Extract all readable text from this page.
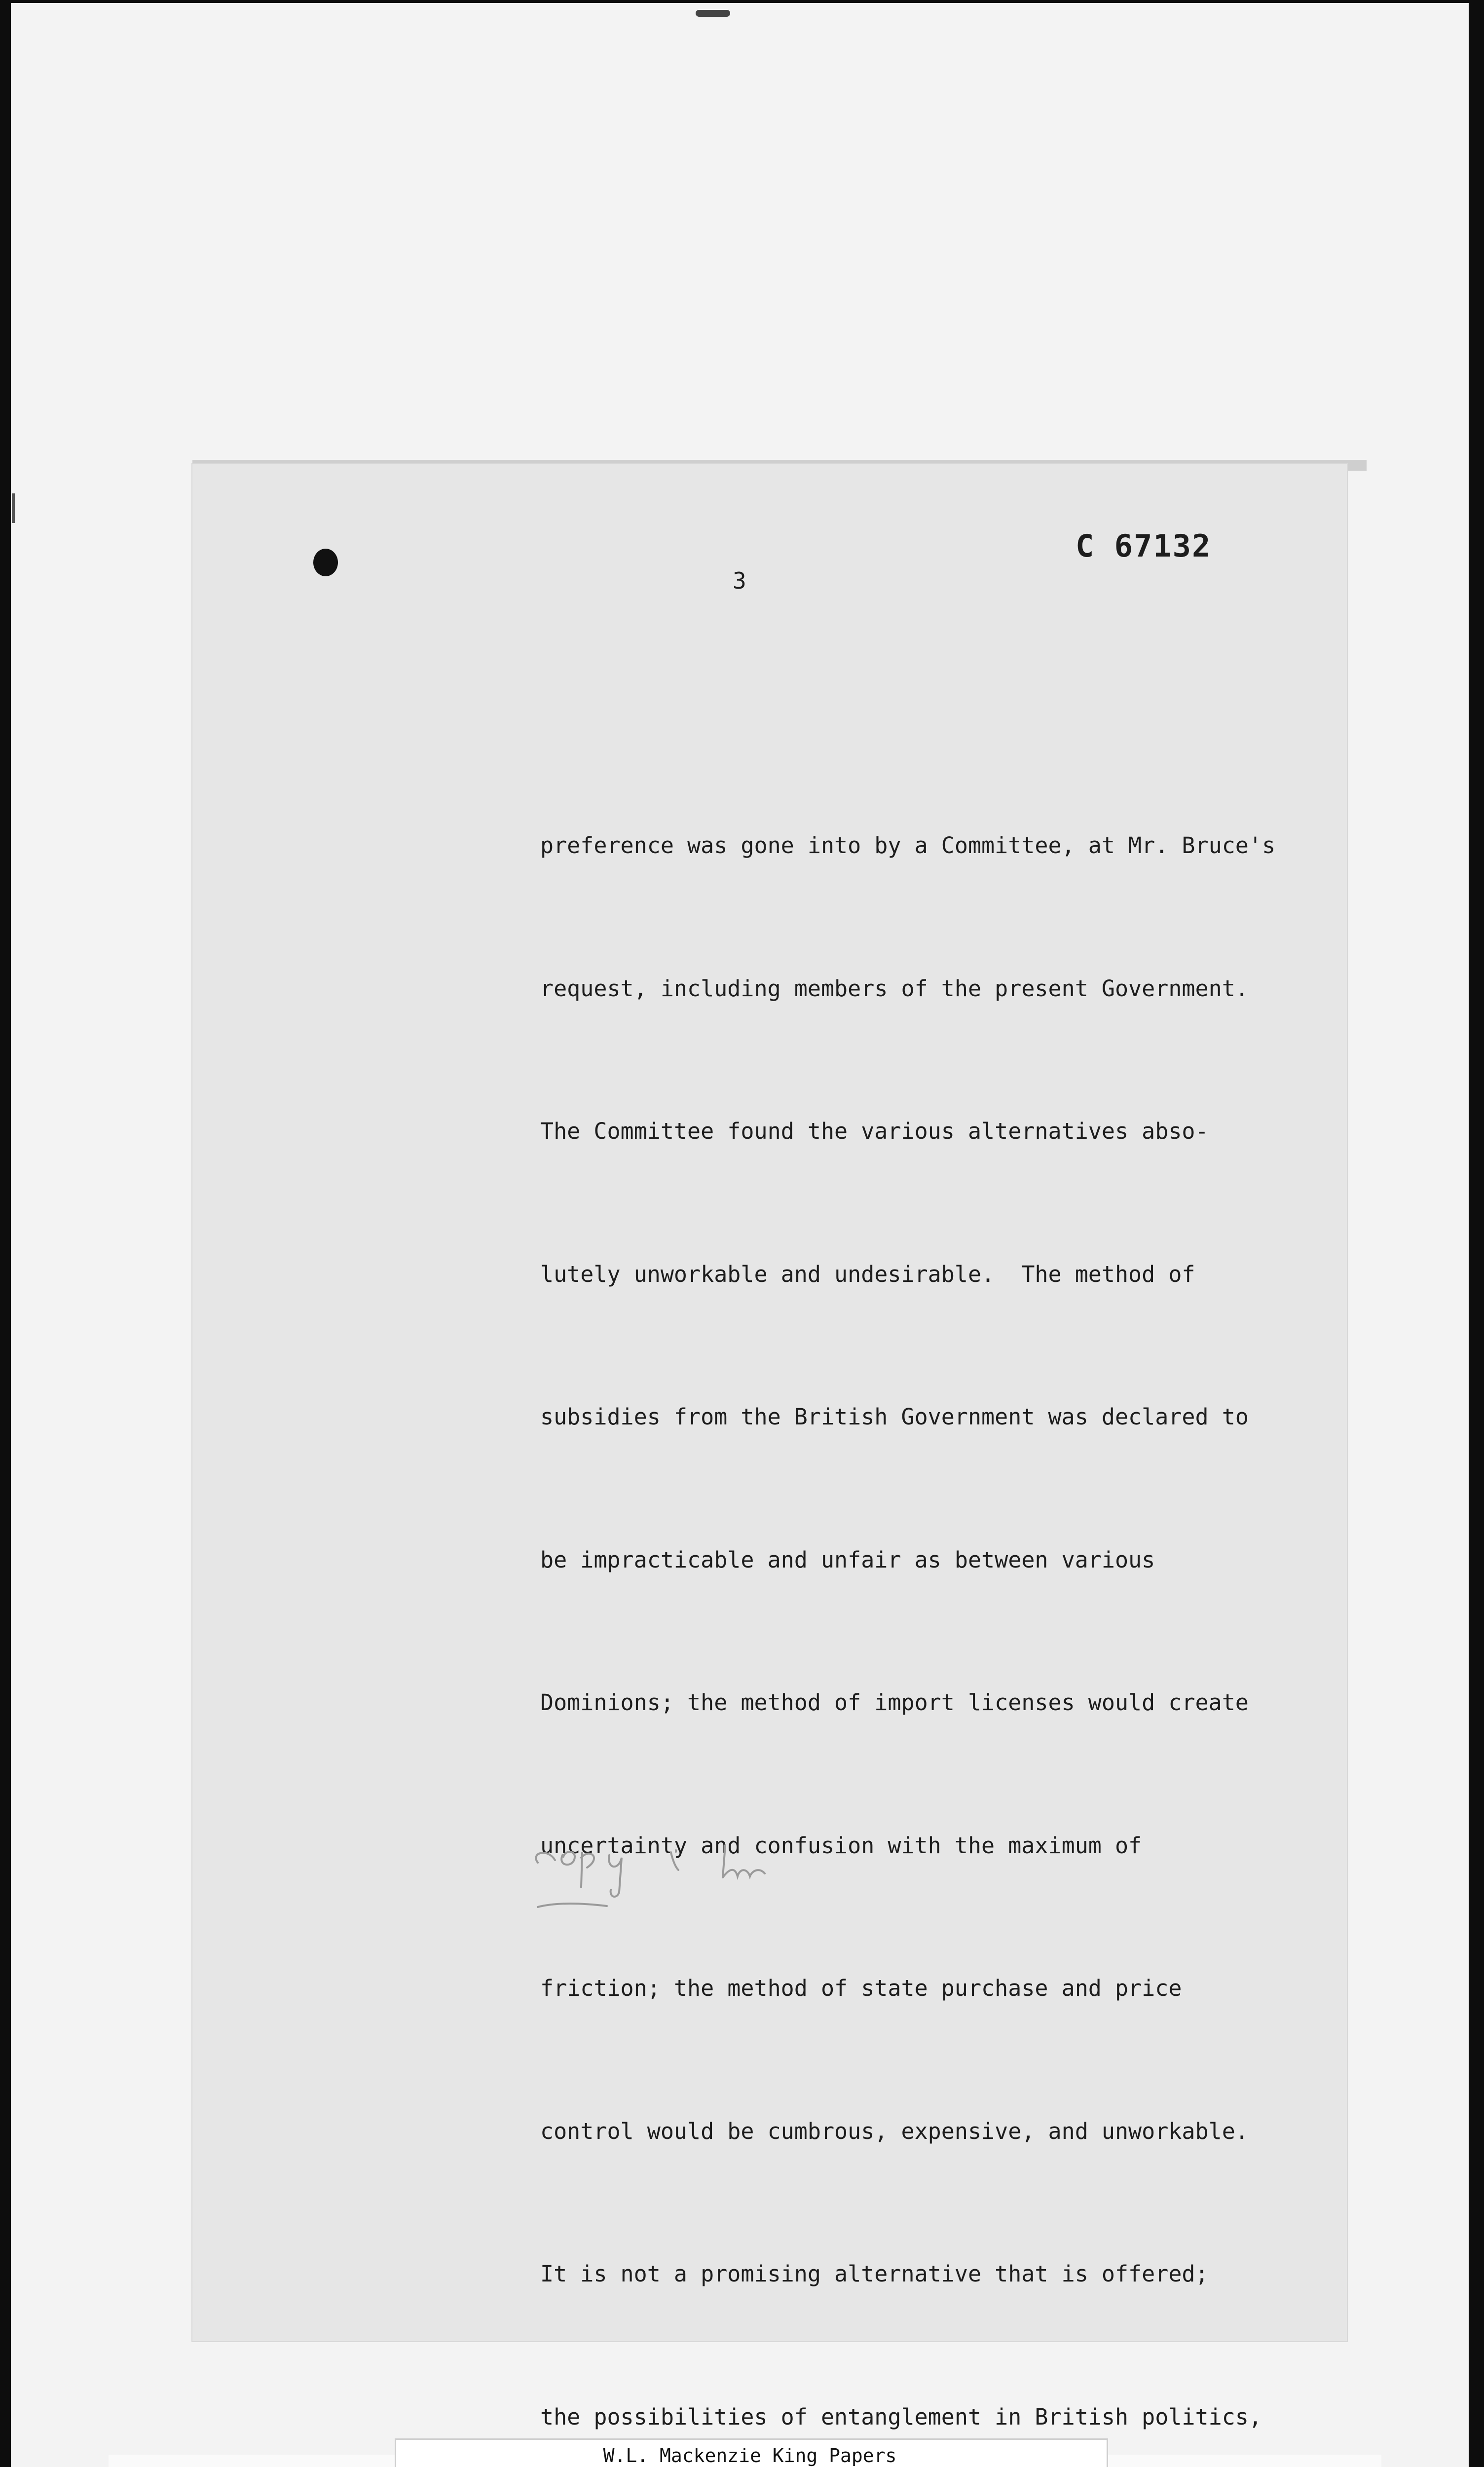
C 67132
3

preference was gone into by a Committee, at Mr. Bruce's

request, including members of the present Government.

The Committee found the various alternatives abso-

lutely unworkable and undesirable.  The method of

subsidies from the British Government was declared to

be impracticable and unfair as between various

Dominions; the method of import licenses would create

uncertainty and confusion with the maximum of

friction; the method of state purchase and price

control would be cumbrous, expensive, and unworkable.

It is not a promising alternative that is offered;

the possibilities of entanglement in British politics,

W.L. Mackenzie King Papers
